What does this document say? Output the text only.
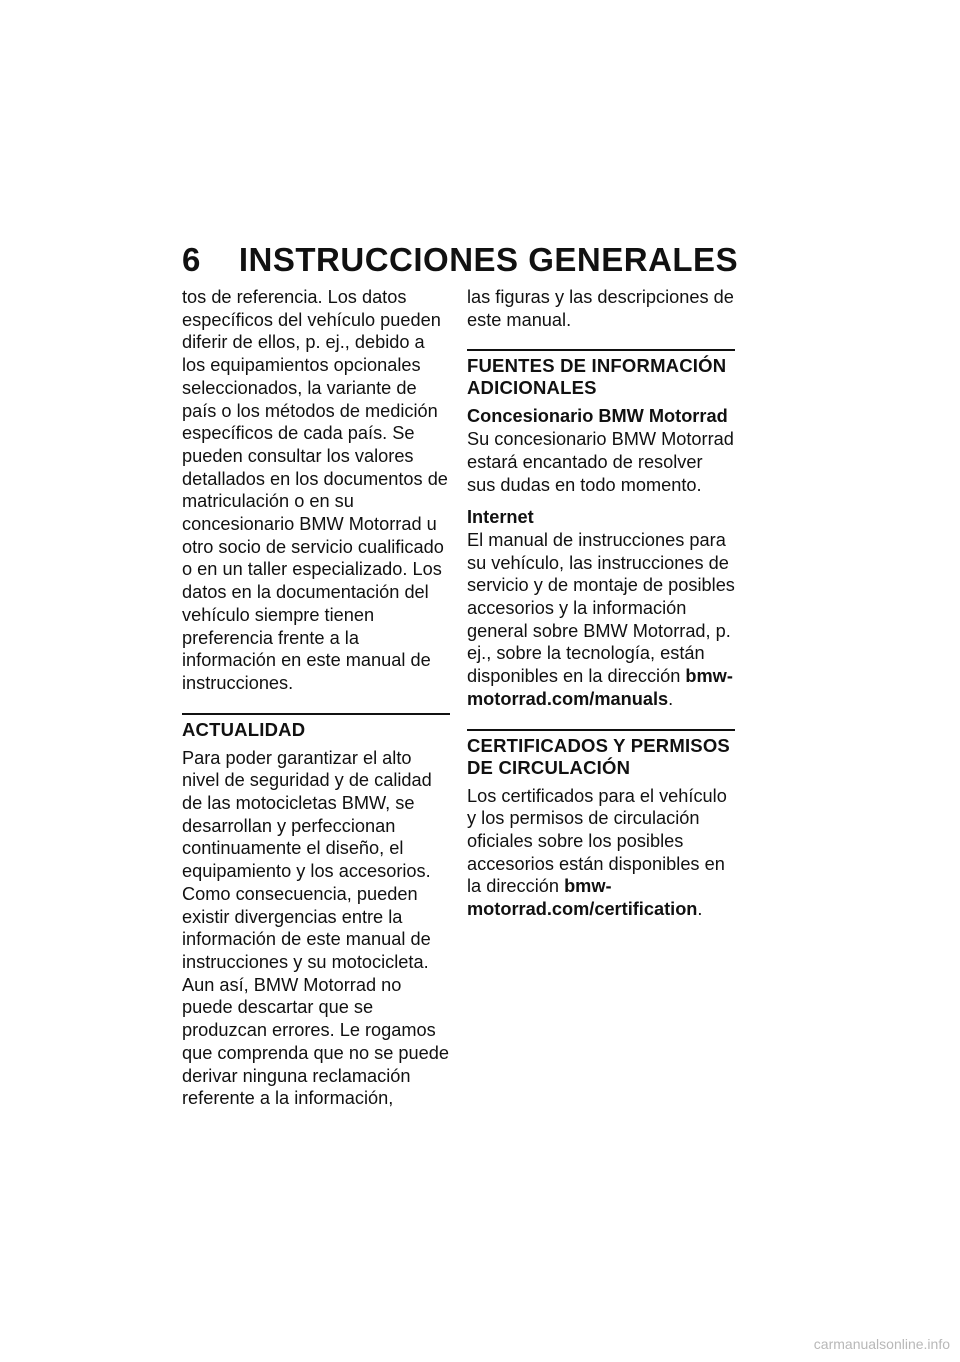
6 INSTRUCCIONES GENERALES

tos de referencia. Los datos específicos del vehículo pueden diferir de ellos, p. ej., debido a los equipamientos opcionales seleccionados, la variante de país o los métodos de medición específicos de cada país. Se pueden consultar los valores detallados en los documentos de matriculación o en su concesionario BMW Motorrad u otro socio de servicio cualificado o en un taller especializado. Los datos en la documentación del vehículo siempre tienen preferencia frente a la información en este manual de instrucciones.

ACTUALIDAD

Para poder garantizar el alto nivel de seguridad y de calidad de las motocicletas BMW, se desarrollan y perfeccionan continuamente el diseño, el equipamiento y los accesorios. Como consecuencia, pueden existir divergencias entre la información de este manual de instrucciones y su motocicleta. Aun así, BMW Motorrad no puede descartar que se produzcan errores. Le rogamos que comprenda que no se puede derivar ninguna reclamación referente a la información,

las figuras y las descripciones de este manual.

FUENTES DE INFORMACIÓN ADICIONALES
Concesionario BMW Motorrad

Su concesionario BMW Motorrad estará encantado de resolver sus dudas en todo momento.

Internet

El manual de instrucciones para su vehículo, las instrucciones de servicio y de montaje de posibles accesorios y la información general sobre BMW Motorrad, p. ej., sobre la tecnología, están disponibles en la dirección bmw-motorrad.com/manuals.

CERTIFICADOS Y PERMISOS DE CIRCULACIÓN

Los certificados para el vehículo y los permisos de circulación oficiales sobre los posibles accesorios están disponibles en la dirección bmw-motorrad.com/certification.

carmanualsonline.info
